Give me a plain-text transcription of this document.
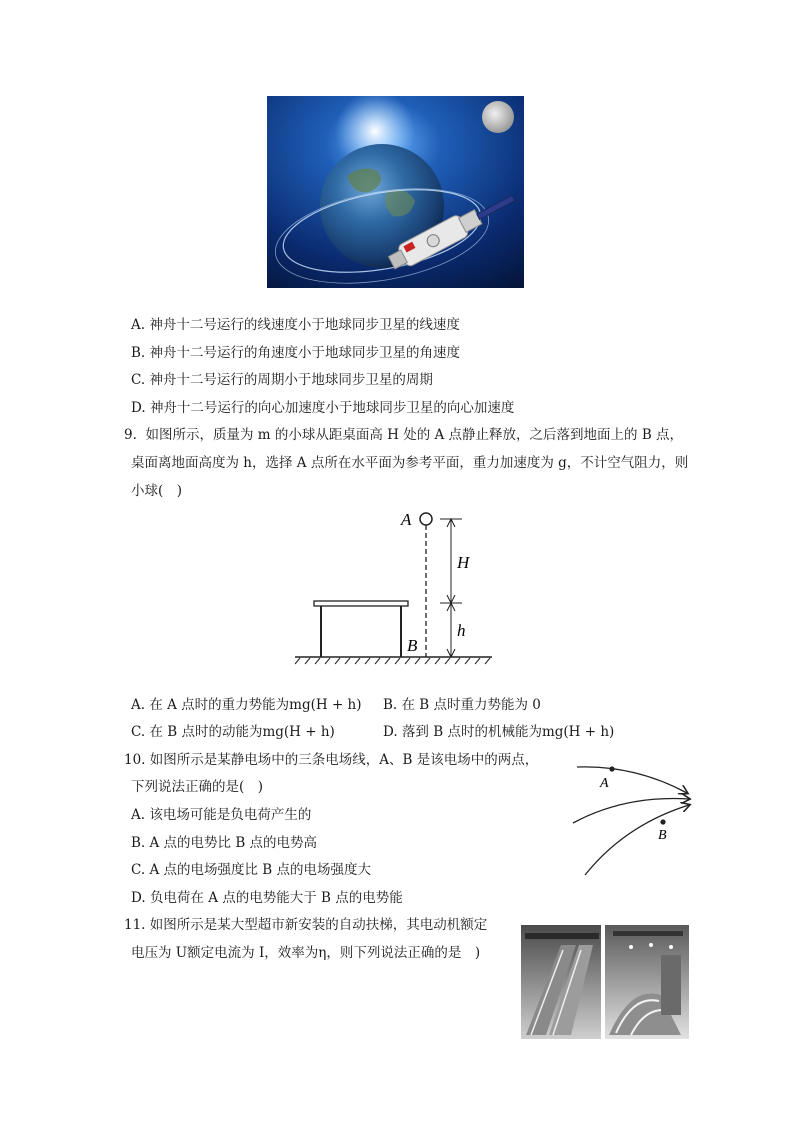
A. 神舟十二号运行的线速度小于地球同步卫星的线速度
B. 神舟十二号运行的角速度小于地球同步卫星的角速度
C. 神舟十二号运行的周期小于地球同步卫星的周期
D. 神舟十二号运行的向心加速度小于地球同步卫星的向心加速度
9. 如图所示，质量为 m 的小球从距桌面高 H 处的 A 点静止释放，之后落到地面上的 B 点，
桌面离地面高度为 h，选择 A 点所在水平面为参考平面，重力加速度为 g，不计空气阻力，则
小球(　)
A
B
H
h
A. 在 A 点时的重力势能为mg(H + h) B. 在 B 点时重力势能为 0
C. 在 B 点时的动能为mg(H + h)	D. 落到 B 点时的机械能为mg(H + h)
10. 如图所示是某静电场中的三条电场线，A、B 是该电场中的两点，
下列说法正确的是(　)	A
B
A. 该电场可能是负电荷产生的
B. A 点的电势比 B 点的电势高
C. A 点的电场强度比 B 点的电场强度大
D. 负电荷在 A 点的电势能大于 B 点的电势能
11. 如图所示是某大型超市新安装的自动扶梯，其电动机额定
电压为 U额定电流为 I，效率为η，则下列说法正确的是　)
